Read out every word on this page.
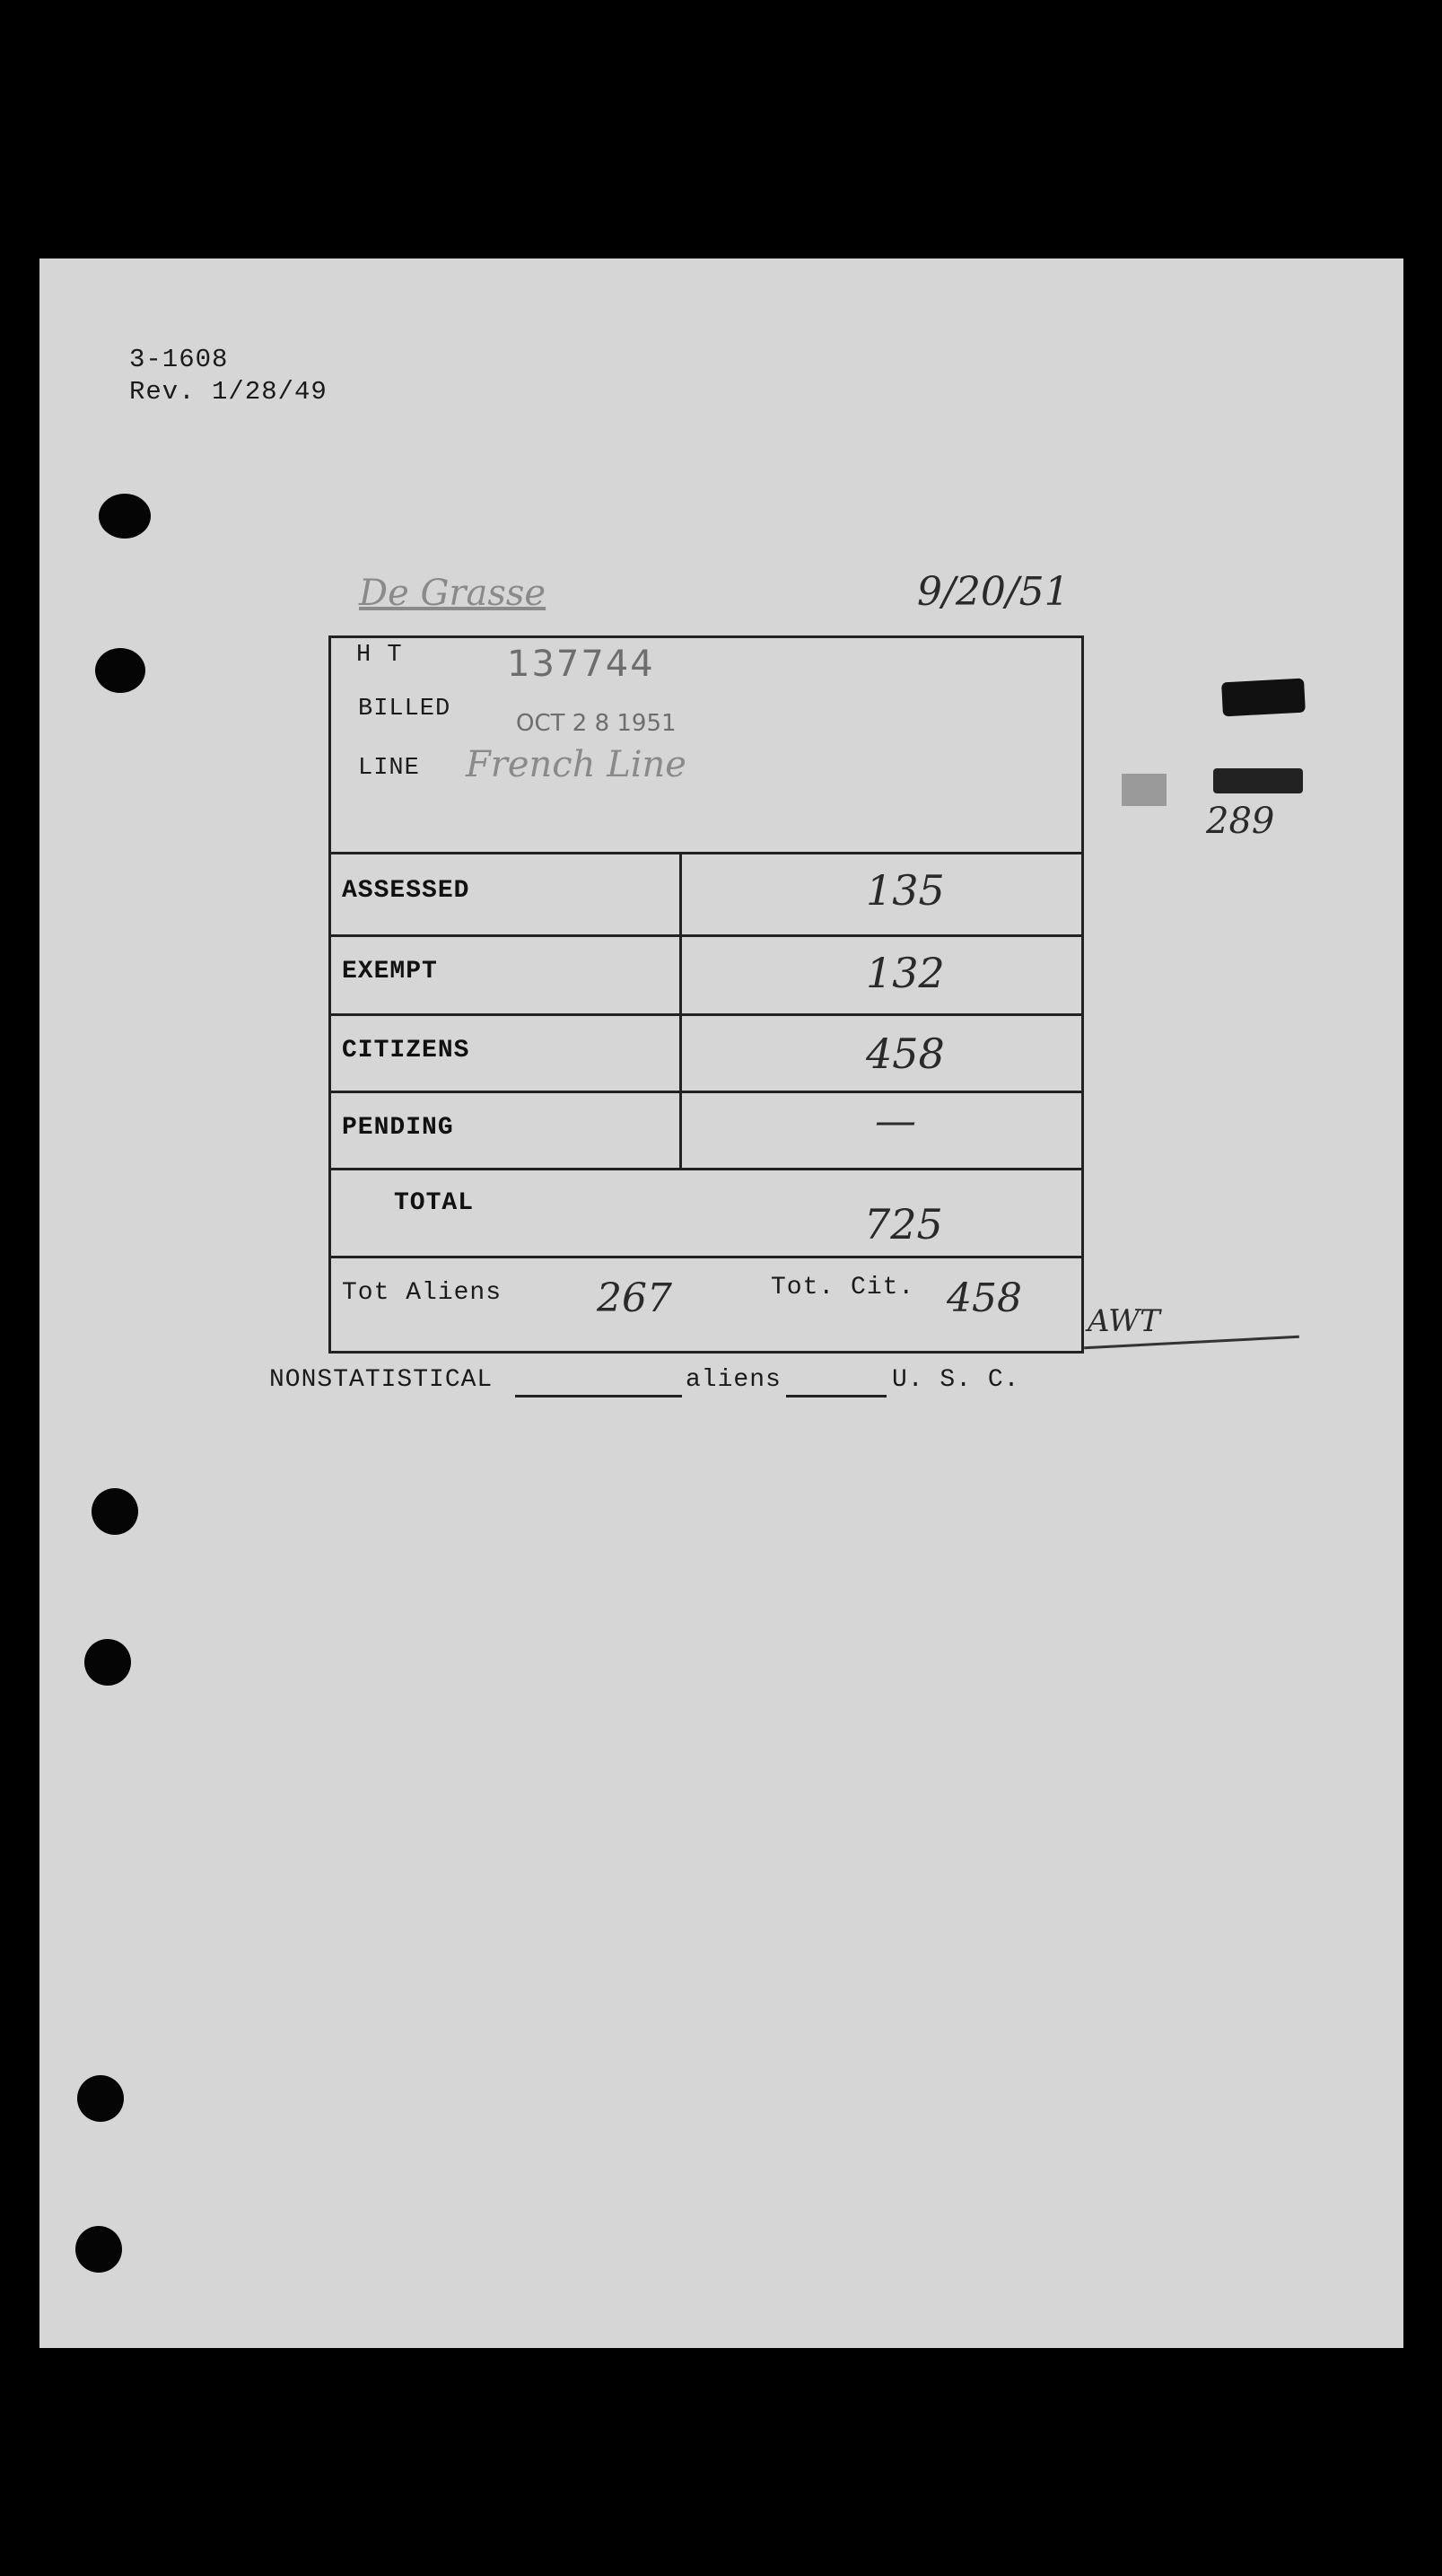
3-1608
Rev. 1/28/49
De Grasse	9/20/51
289
H T	137744
BILLED
OCT 2 8 1951
LINE French Line
ASSESSED	135
EXEMPT	132
CITIZENS	458
PENDING	—
TOTAL	725
Tot Aliens 267	Tot. Cit. 458 AWT
NONSTATISTICAL	aliens	U. S. C.
